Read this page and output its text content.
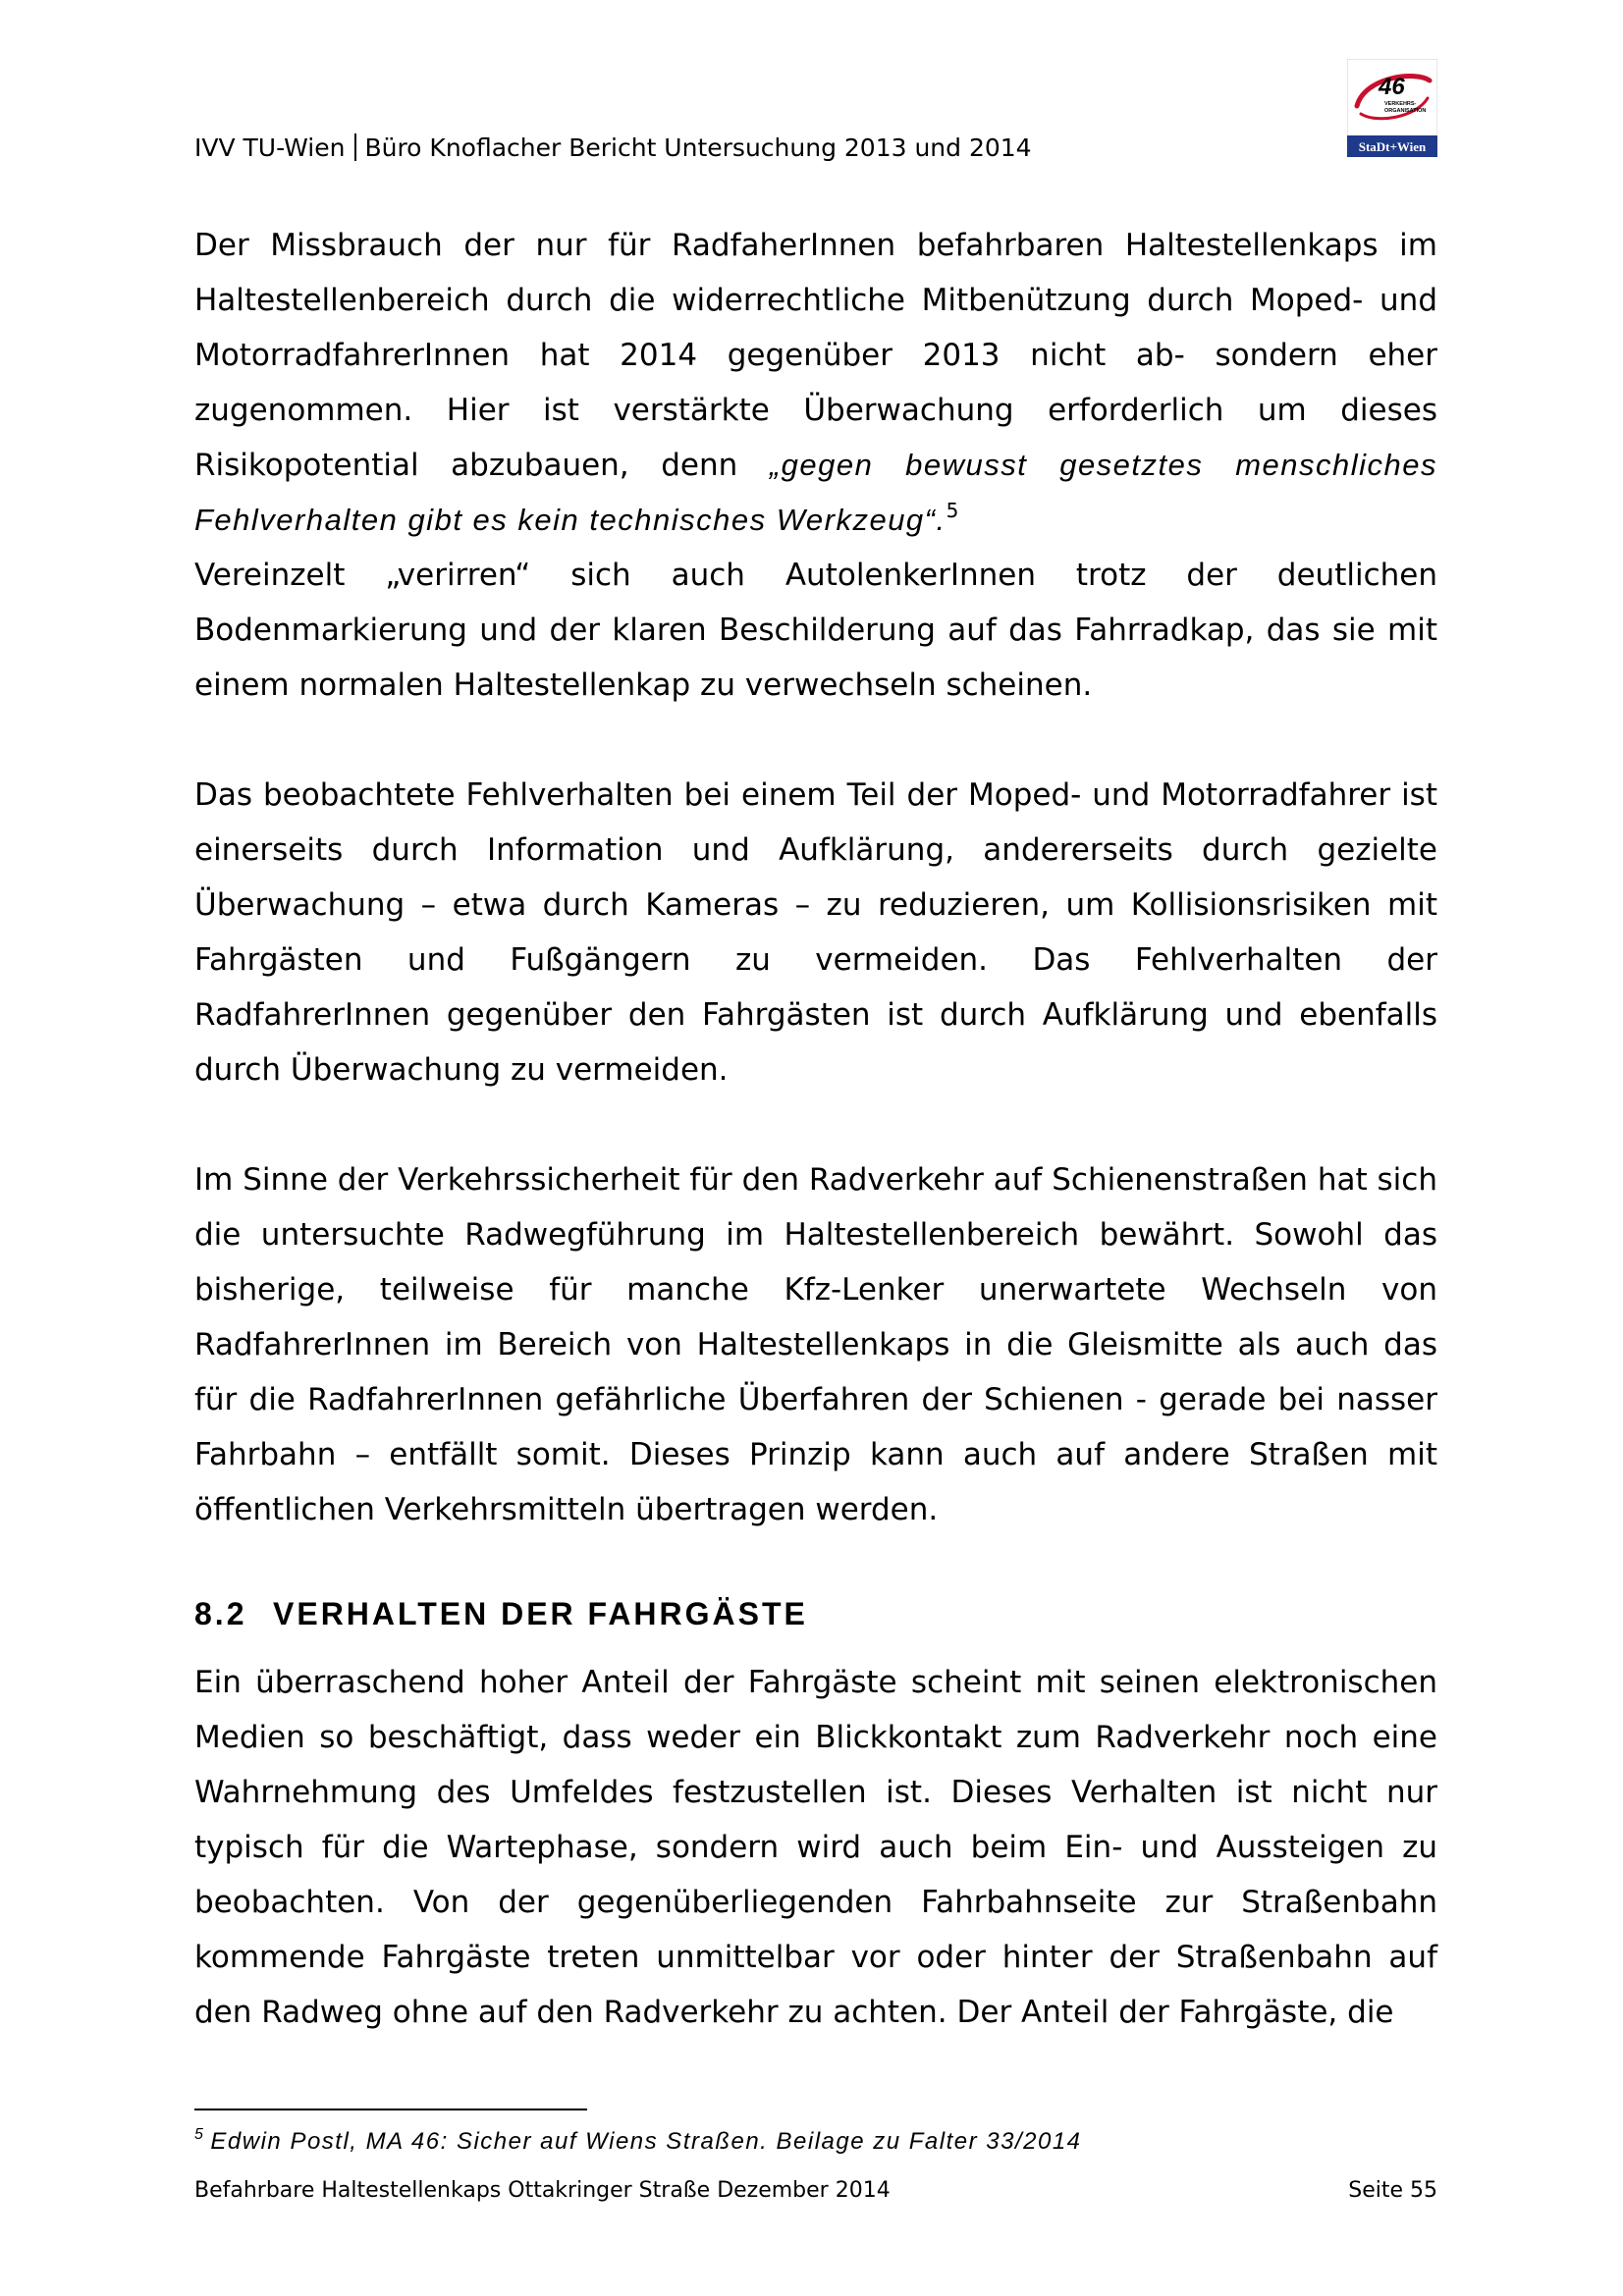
IVV TU-Wien Büro Knoflacher Bericht Untersuchung 2013 und 2014
46
VERKEHRS-
ORGANISATION
StaDt+Wien

Der Missbrauch der nur für RadfaherInnen befahrbaren Haltestellenkaps im Haltestellenbereich durch die widerrechtliche Mitbenützung durch Moped- und MotorradfahrerInnen hat 2014 gegenüber 2013 nicht ab- sondern eher zugenommen. Hier ist verstärkte Überwachung erforderlich um dieses Risikopotential abzubauen, denn „gegen bewusst gesetztes menschliches Fehlverhalten gibt es kein technisches Werkzeug“.$^5$

Vereinzelt „verirren“ sich auch AutolenkerInnen trotz der deutlichen Bodenmarkierung und der klaren Beschilderung auf das Fahrradkap, das sie mit einem normalen Haltestellenkap zu verwechseln scheinen.

Das beobachtete Fehlverhalten bei einem Teil der Moped- und Motorradfahrer ist einerseits durch Information und Aufklärung, andererseits durch gezielte Überwachung – etwa durch Kameras – zu reduzieren, um Kollisionsrisiken mit Fahrgästen und Fußgängern zu vermeiden. Das Fehlverhalten der RadfahrerInnen gegenüber den Fahrgästen ist durch Aufklärung und ebenfalls durch Überwachung zu vermeiden.

Im Sinne der Verkehrssicherheit für den Radverkehr auf Schienenstraßen hat sich die untersuchte Radwegführung im Haltestellenbereich bewährt. Sowohl das bisherige, teilweise für manche Kfz-Lenker unerwartete Wechseln von RadfahrerInnen im Bereich von Haltestellenkaps in die Gleismitte als auch das für die RadfahrerInnen gefährliche Überfahren der Schienen - gerade bei nasser Fahrbahn – entfällt somit. Dieses Prinzip kann auch auf andere Straßen mit öffentlichen Verkehrsmitteln übertragen werden.

8.2 VERHALTEN DER FAHRGÄSTE

Ein überraschend hoher Anteil der Fahrgäste scheint mit seinen elektronischen Medien so beschäftigt, dass weder ein Blickkontakt zum Radverkehr noch eine Wahrnehmung des Umfeldes festzustellen ist. Dieses Verhalten ist nicht nur typisch für die Wartephase, sondern wird auch beim Ein- und Aussteigen zu beobachten. Von der gegenüberliegenden Fahrbahnseite zur Straßenbahn kommende Fahrgäste treten unmittelbar vor oder hinter der Straßenbahn auf den Radweg ohne auf den Radverkehr zu achten. Der Anteil der Fahrgäste, die

$^5$ Edwin Postl, MA 46: Sicher auf Wiens Straßen. Beilage zu Falter 33/2014
Befahrbare Haltestellenkaps Ottakringer Straße Dezember 2014	Seite 55
